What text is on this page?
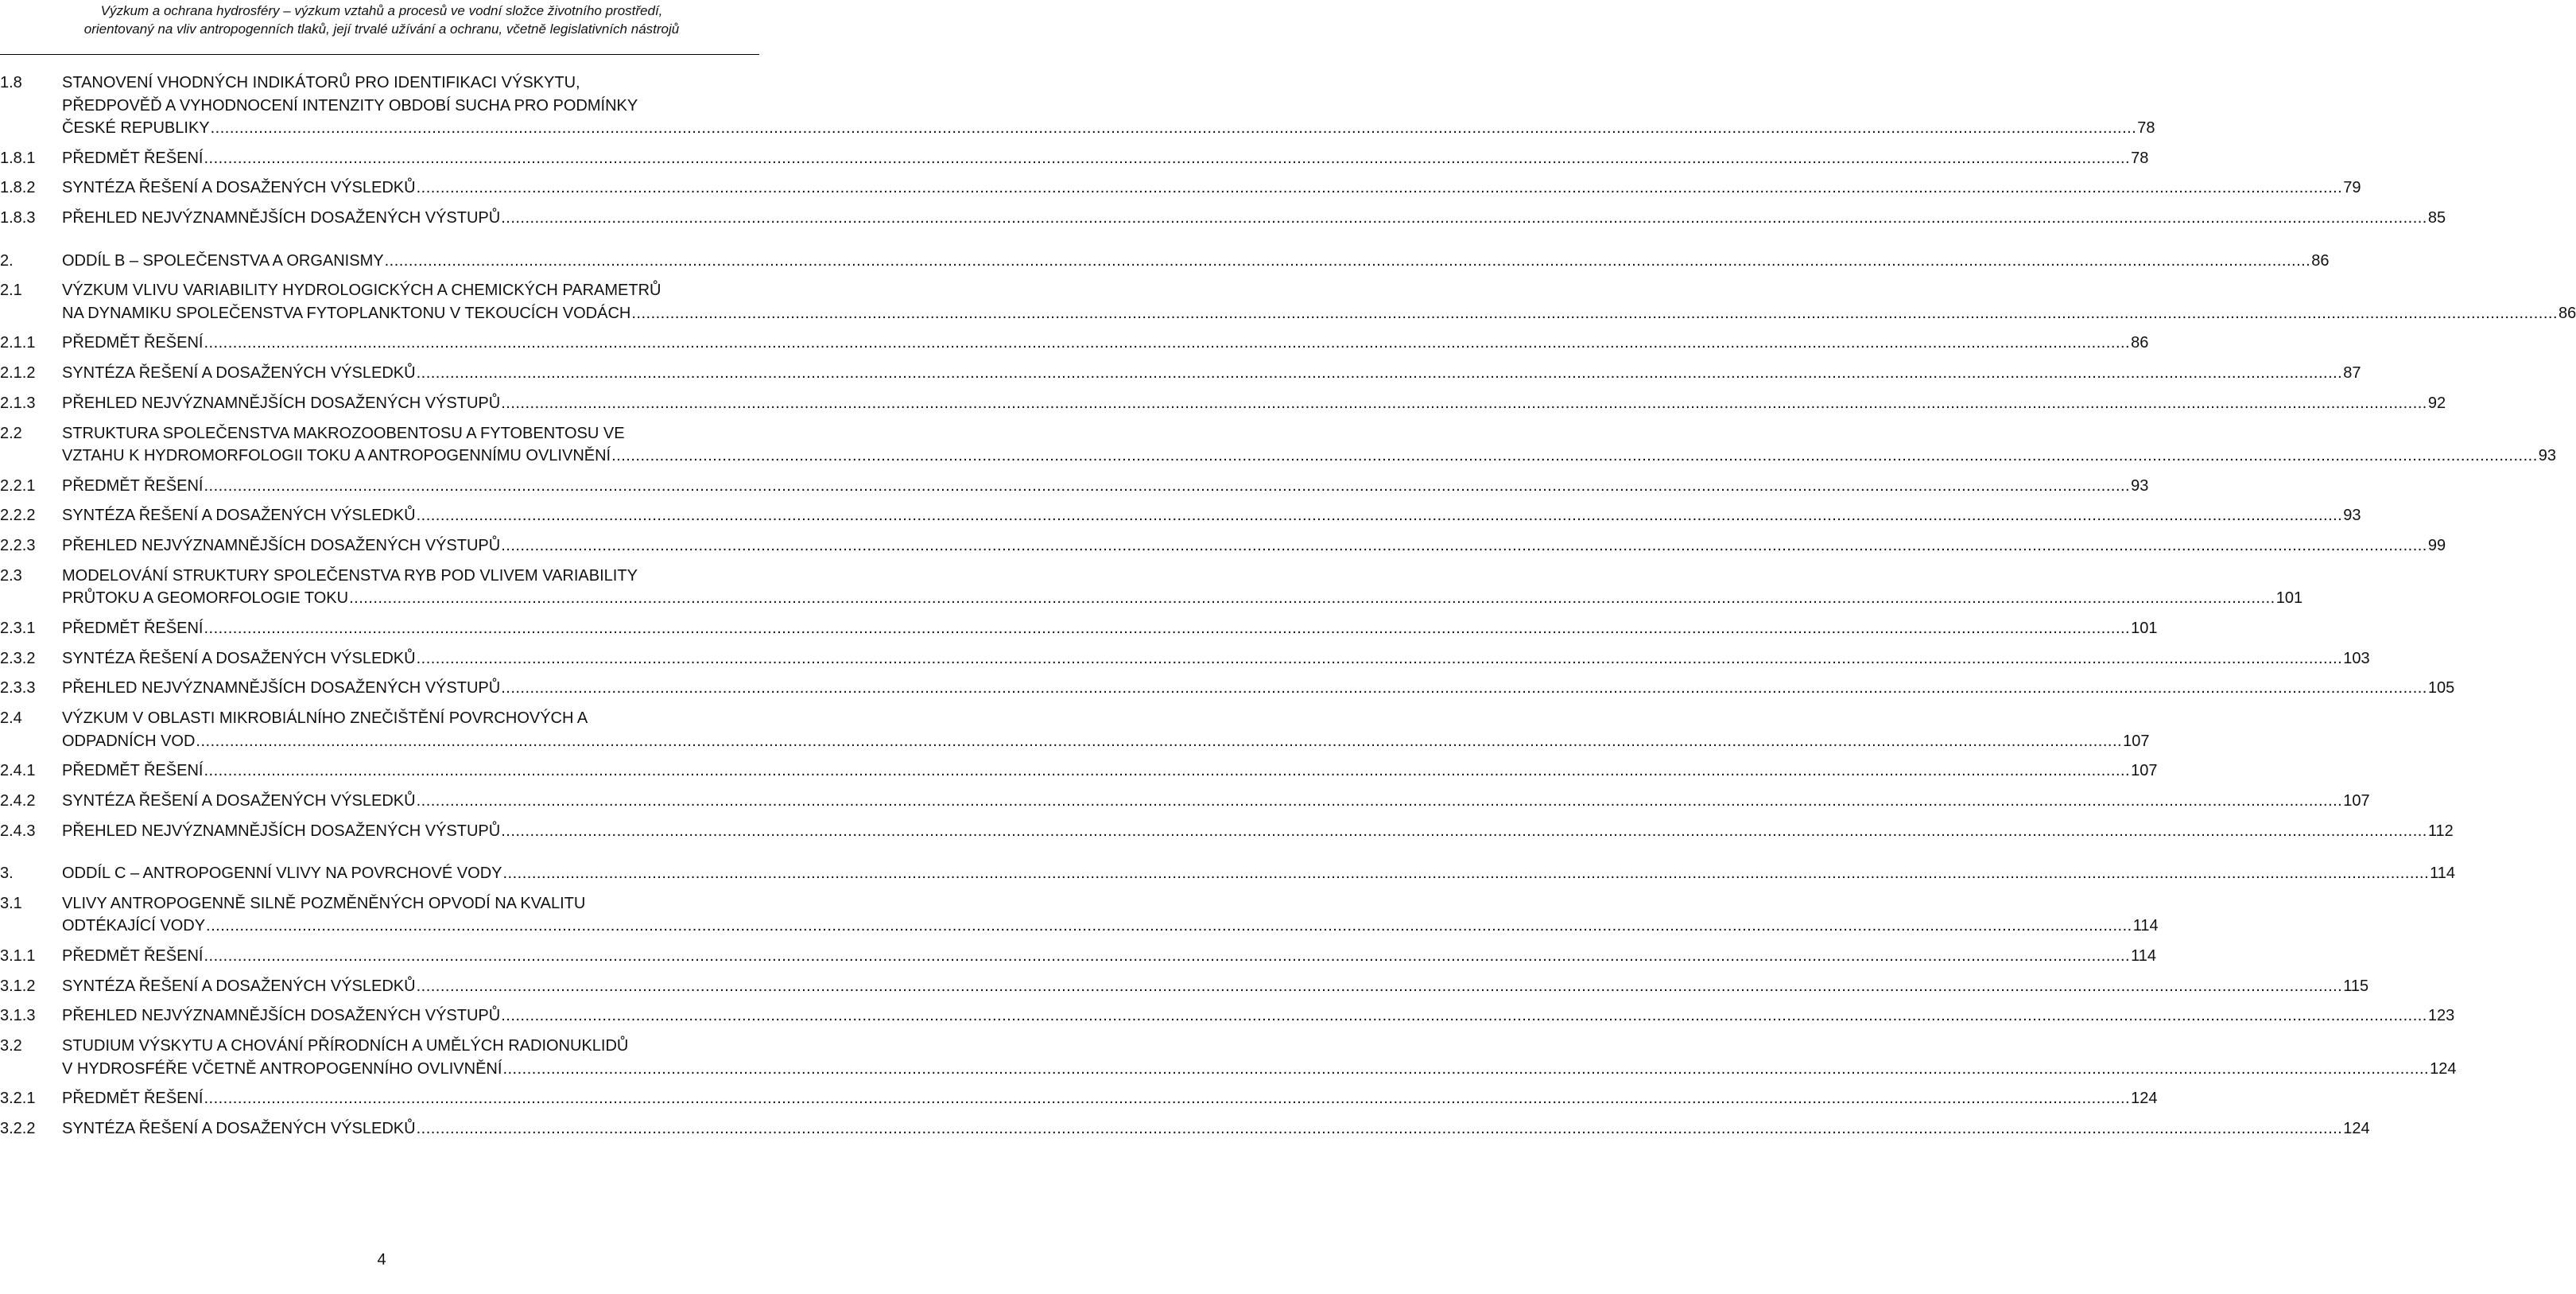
Výzkum a ochrana hydrosféry – výzkum vztahů a procesů ve vodní složce životního prostředí,
orientovaný na vliv antropogenních tlaků, její trvalé užívání a ochranu, včetně legislativních nástrojů
1.8	STANOVENÍ VHODNÝCH INDIKÁTORŮ PRO IDENTIFIKACI VÝSKYTU,
PŘEDPOVĚĎ A VYHODNOCENÍ INTENZITY OBDOBÍ SUCHA PRO PODMÍNKY
ČESKÉ REPUBLIKY ................................................................................................................................................................................................................................................................................................................................................................................................................ 78
1.8.1 PŘEDMĚT ŘEŠENÍ ................................................................................................................................................................................................................................................................................................................................................................................................................ 78
1.8.2 SYNTÉZA ŘEŠENÍ A DOSAŽENÝCH VÝSLEDKŮ ................................................................................................................................................................................................................................................................................................................................................................................................................ 79
1.8.3 PŘEHLED NEJVÝZNAMNĚJŠÍCH DOSAŽENÝCH VÝSTUPŮ ................................................................................................................................................................................................................................................................................................................................................................................................................ 85
2.	ODDÍL B – SPOLEČENSTVA A ORGANISMY ................................................................................................................................................................................................................................................................................................................................................................................................................ 86
2.1	VÝZKUM VLIVU VARIABILITY HYDROLOGICKÝCH A CHEMICKÝCH PARAMETRŮ
NA DYNAMIKU SPOLEČENSTVA FYTOPLANKTONU V TEKOUCÍCH VODÁCH ................................................................................................................................................................................................................................................................................................................................................................................................................ 86
2.1.1 PŘEDMĚT ŘEŠENÍ ................................................................................................................................................................................................................................................................................................................................................................................................................ 86
2.1.2 SYNTÉZA ŘEŠENÍ A DOSAŽENÝCH VÝSLEDKŮ ................................................................................................................................................................................................................................................................................................................................................................................................................ 87
2.1.3 PŘEHLED NEJVÝZNAMNĚJŠÍCH DOSAŽENÝCH VÝSTUPŮ ................................................................................................................................................................................................................................................................................................................................................................................................................ 92
2.2	STRUKTURA SPOLEČENSTVA MAKROZOOBENTOSU A FYTOBENTOSU VE
VZTAHU K HYDROMORFOLOGII TOKU A ANTROPOGENNÍMU OVLIVNĚNÍ ................................................................................................................................................................................................................................................................................................................................................................................................................ 93
2.2.1 PŘEDMĚT ŘEŠENÍ ................................................................................................................................................................................................................................................................................................................................................................................................................ 93
2.2.2 SYNTÉZA ŘEŠENÍ A DOSAŽENÝCH VÝSLEDKŮ ................................................................................................................................................................................................................................................................................................................................................................................................................ 93
2.2.3 PŘEHLED NEJVÝZNAMNĚJŠÍCH DOSAŽENÝCH VÝSTUPŮ ................................................................................................................................................................................................................................................................................................................................................................................................................ 99
2.3	MODELOVÁNÍ STRUKTURY SPOLEČENSTVA RYB POD VLIVEM VARIABILITY
PRŮTOKU A GEOMORFOLOGIE TOKU ................................................................................................................................................................................................................................................................................................................................................................................................................ 101
2.3.1 PŘEDMĚT ŘEŠENÍ ................................................................................................................................................................................................................................................................................................................................................................................................................ 101
2.3.2 SYNTÉZA ŘEŠENÍ A DOSAŽENÝCH VÝSLEDKŮ ................................................................................................................................................................................................................................................................................................................................................................................................................ 103
2.3.3 PŘEHLED NEJVÝZNAMNĚJŠÍCH DOSAŽENÝCH VÝSTUPŮ ................................................................................................................................................................................................................................................................................................................................................................................................................ 105
2.4	VÝZKUM V OBLASTI MIKROBIÁLNÍHO ZNEČIŠTĚNÍ POVRCHOVÝCH A
ODPADNÍCH VOD ................................................................................................................................................................................................................................................................................................................................................................................................................ 107
2.4.1 PŘEDMĚT ŘEŠENÍ ................................................................................................................................................................................................................................................................................................................................................................................................................ 107
2.4.2 SYNTÉZA ŘEŠENÍ A DOSAŽENÝCH VÝSLEDKŮ ................................................................................................................................................................................................................................................................................................................................................................................................................ 107
2.4.3 PŘEHLED NEJVÝZNAMNĚJŠÍCH DOSAŽENÝCH VÝSTUPŮ ................................................................................................................................................................................................................................................................................................................................................................................................................ 112
3.	ODDÍL C – ANTROPOGENNÍ VLIVY NA POVRCHOVÉ VODY ................................................................................................................................................................................................................................................................................................................................................................................................................ 114
3.1	VLIVY ANTROPOGENNĚ SILNĚ POZMĚNĚNÝCH OPVODÍ NA KVALITU
ODTÉKAJÍCÍ VODY ................................................................................................................................................................................................................................................................................................................................................................................................................ 114
3.1.1 PŘEDMĚT ŘEŠENÍ ................................................................................................................................................................................................................................................................................................................................................................................................................ 114
3.1.2 SYNTÉZA ŘEŠENÍ A DOSAŽENÝCH VÝSLEDKŮ ................................................................................................................................................................................................................................................................................................................................................................................................................ 115
3.1.3 PŘEHLED NEJVÝZNAMNĚJŠÍCH DOSAŽENÝCH VÝSTUPŮ ................................................................................................................................................................................................................................................................................................................................................................................................................ 123
3.2	STUDIUM VÝSKYTU A CHOVÁNÍ PŘÍRODNÍCH A UMĚLÝCH RADIONUKLIDŮ
V HYDROSFÉŘE VČETNĚ ANTROPOGENNÍHO OVLIVNĚNÍ ................................................................................................................................................................................................................................................................................................................................................................................................................ 124
3.2.1 PŘEDMĚT ŘEŠENÍ ................................................................................................................................................................................................................................................................................................................................................................................................................ 124
3.2.2 SYNTÉZA ŘEŠENÍ A DOSAŽENÝCH VÝSLEDKŮ ................................................................................................................................................................................................................................................................................................................................................................................................................ 124
4
